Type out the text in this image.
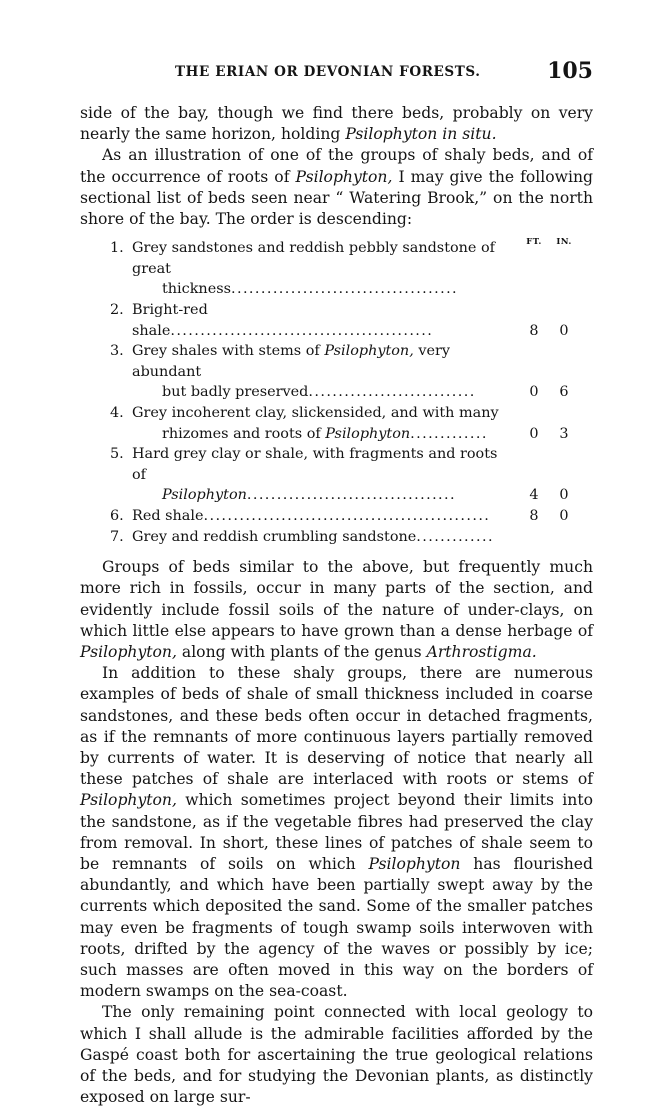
THE ERIAN OR DEVONIAN FORESTS.	105

side of the bay, though we find there beds, probably on very nearly the same horizon, holding Psilophyton in situ.

As an illustration of one of the groups of shaly beds, and of the occurrence of roots of Psilophyton, I may give the following sectional list of beds seen near “ Watering Brook,” on the north shore of the bay. The order is descending:

FT. IN.
1. Grey sandstones and reddish pebbly sandstone of great
thickness......................................
2. Bright-red shale............................................	8	0
3. Grey shales with stems of Psilophyton, very abundant
but badly preserved............................	0	6
4. Grey incoherent clay, slickensided, and with many
rhizomes and roots of Psilophyton.............	0	3
5. Hard grey clay or shale, with fragments and roots of
Psilophyton...................................	4	0
6. Red shale................................................	8	0
7. Grey and reddish crumbling sandstone.............

Groups of beds similar to the above, but frequently much more rich in fossils, occur in many parts of the section, and evidently include fossil soils of the nature of under-clays, on which little else appears to have grown than a dense herbage of Psilophyton, along with plants of the genus Arthrostigma.

In addition to these shaly groups, there are numerous examples of beds of shale of small thickness included in coarse sandstones, and these beds often occur in detached fragments, as if the remnants of more continuous layers partially removed by currents of water. It is deserving of notice that nearly all these patches of shale are interlaced with roots or stems of Psilophyton, which sometimes project beyond their limits into the sandstone, as if the vegetable fibres had preserved the clay from removal. In short, these lines of patches of shale seem to be remnants of soils on which Psilophyton has flourished abundantly, and which have been partially swept away by the currents which deposited the sand. Some of the smaller patches may even be fragments of tough swamp soils interwoven with roots, drifted by the agency of the waves or possibly by ice; such masses are often moved in this way on the borders of modern swamps on the sea-coast.

The only remaining point connected with local geology to which I shall allude is the admirable facilities afforded by the Gaspé coast both for ascertaining the true geological relations of the beds, and for studying the Devonian plants, as distinctly exposed on large sur-
